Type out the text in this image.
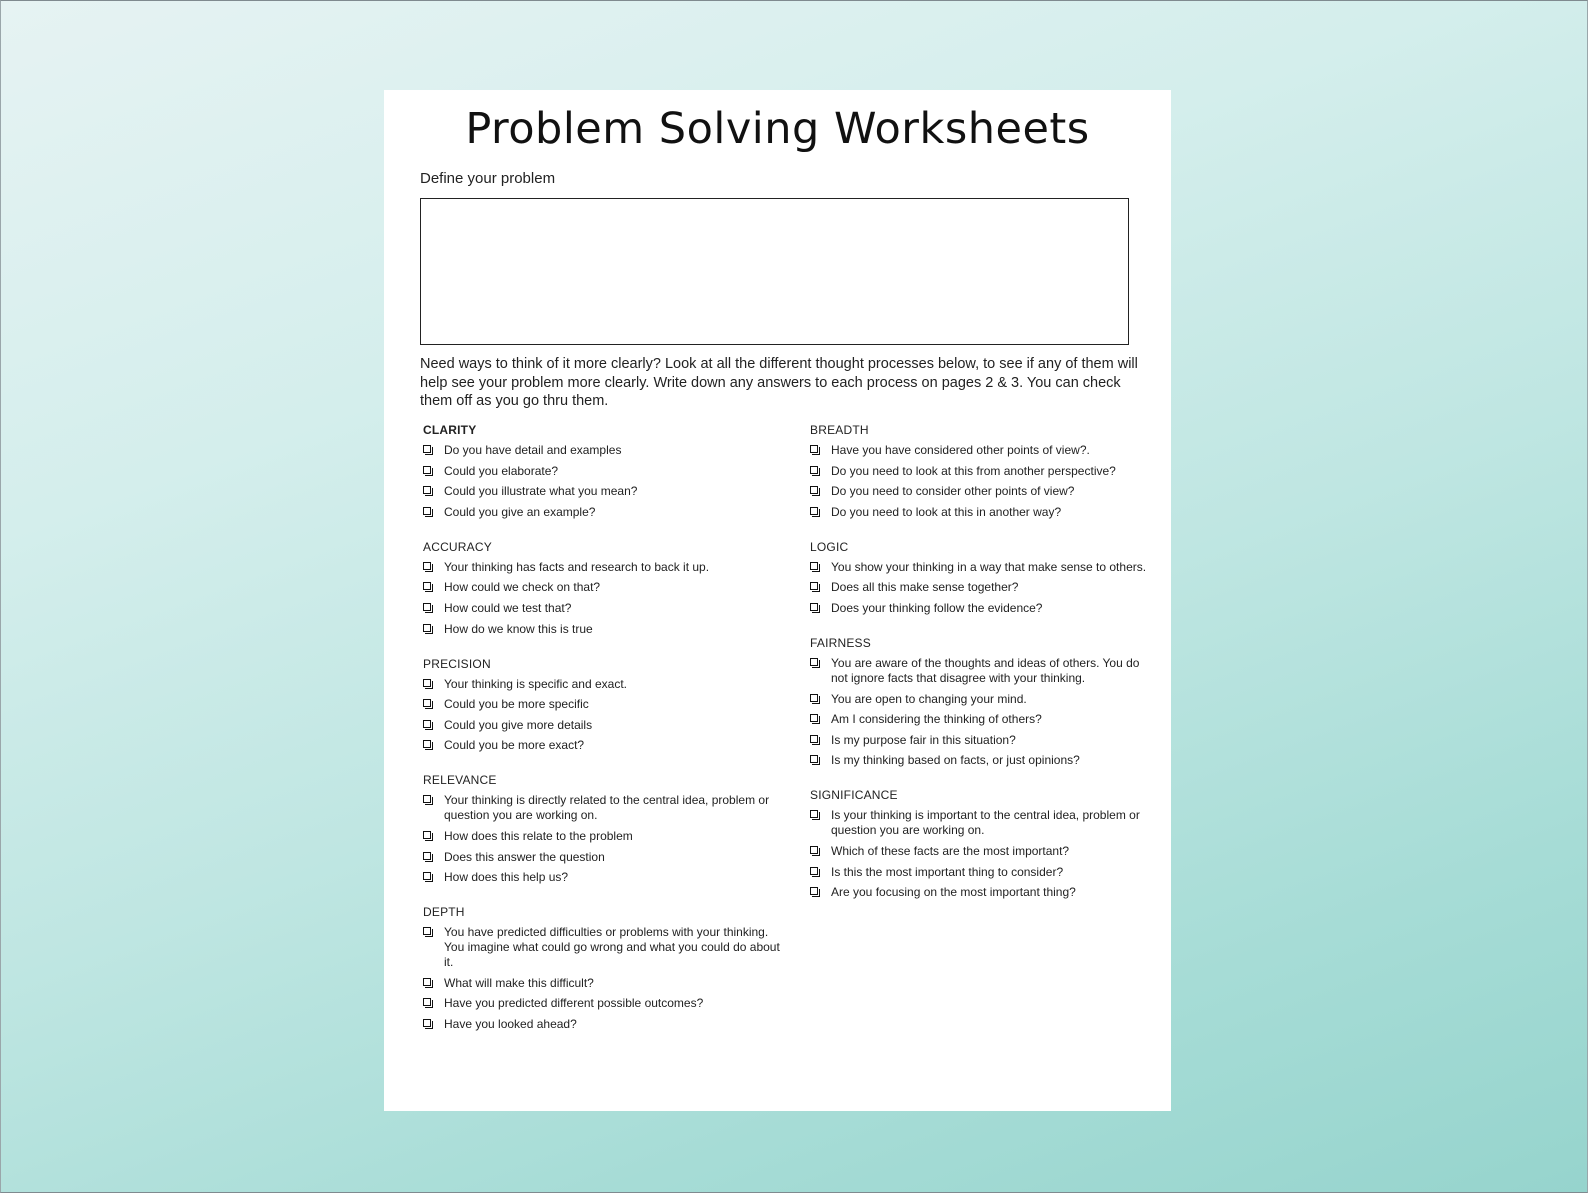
Problem Solving Worksheets
Define your problem

Need ways to think of it more clearly? Look at all the different thought processes below, to see if any of them will help see your problem more clearly. Write down any answers to each process on pages 2 & 3. You can check them off as you go thru them.

CLARITY
Do you have detail and examples
Could you elaborate?
Could you illustrate what you mean?
Could you give an example?
ACCURACY
Your thinking has facts and research to back it up.
How could we check on that?
How could we test that?
How do we know this is true
PRECISION
Your thinking is specific and exact.
Could you be more specific
Could you give more details
Could you be more exact?
RELEVANCE
Your thinking is directly related to the central idea, problem or question you are working on.
How does this relate to the problem
Does this answer the question
How does this help us?
DEPTH
You have predicted difficulties or problems with your thinking. You imagine what could go wrong and what you could do about it.
What will make this difficult?
Have you predicted different possible outcomes?
Have you looked ahead?
BREADTH
Have you have considered other points of view?.
Do you need to look at this from another perspective?
Do you need to consider other points of view?
Do you need to look at this in another way?
LOGIC
You show your thinking in a way that make sense to others.
Does all this make sense together?
Does your thinking follow the evidence?
FAIRNESS
You are aware of the thoughts and ideas of others. You do not ignore facts that disagree with your thinking.
You are open to changing your mind.
Am I considering the thinking of others?
Is my purpose fair in this situation?
Is my thinking based on facts, or just opinions?
SIGNIFICANCE
Is your thinking is important to the central idea, problem or question you are working on.
Which of these facts are the most important?
Is this the most important thing to consider?
Are you focusing on the most important thing?
